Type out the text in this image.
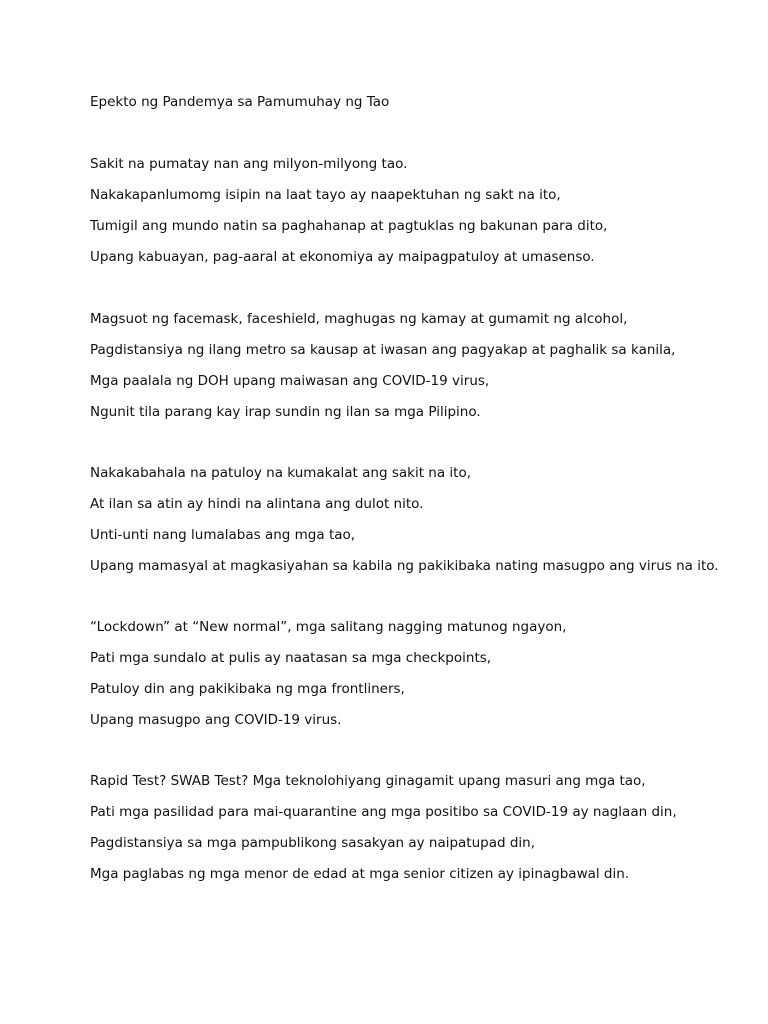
Epekto ng Pandemya sa Pamumuhay ng Tao
Sakit na pumatay nan ang milyon-milyong tao.
Nakakapanlumomg isipin na laat tayo ay naapektuhan ng sakt na ito,
Tumigil ang mundo natin sa paghahanap at pagtuklas ng bakunan para dito,
Upang kabuayan, pag-aaral at ekonomiya ay maipagpatuloy at umasenso.
Magsuot ng facemask, faceshield, maghugas ng kamay at gumamit ng alcohol,
Pagdistansiya ng ilang metro sa kausap at iwasan ang pagyakap at paghalik sa kanila,
Mga paalala ng DOH upang maiwasan ang COVID-19 virus,
Ngunit tila parang kay irap sundin ng ilan sa mga Pilipino.
Nakakabahala na patuloy na kumakalat ang sakit na ito,
At ilan sa atin ay hindi na alintana ang dulot nito.
Unti-unti nang lumalabas ang mga tao,
Upang mamasyal at magkasiyahan sa kabila ng pakikibaka nating masugpo ang virus na ito.
“Lockdown” at “New normal”, mga salitang nagging matunog ngayon,
Pati mga sundalo at pulis ay naatasan sa mga checkpoints,
Patuloy din ang pakikibaka ng mga frontliners,
Upang masugpo ang COVID-19 virus.
Rapid Test? SWAB Test? Mga teknolohiyang ginagamit upang masuri ang mga tao,
Pati mga pasilidad para mai-quarantine ang mga positibo sa COVID-19 ay naglaan din,
Pagdistansiya sa mga pampublikong sasakyan ay naipatupad din,
Mga paglabas ng mga menor de edad at mga senior citizen ay ipinagbawal din.
